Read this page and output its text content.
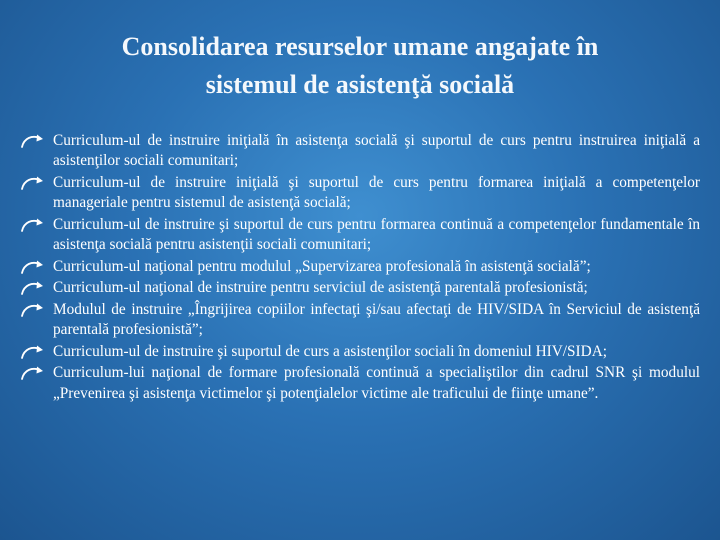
Consolidarea resurselor umane angajate în
sistemul de asistenţă socială
Curriculum-ul de instruire iniţială în asistenţa socială şi suportul de curs pentru instruirea iniţială a asistenţilor sociali comunitari;
Curriculum-ul de instruire iniţială şi suportul de curs pentru formarea iniţială a competenţelor manageriale pentru sistemul de asistenţă socială;
Curriculum-ul de instruire şi suportul de curs pentru formarea continuă a competenţelor fundamentale în asistenţa socială pentru asistenţii sociali comunitari;
Curriculum-ul naţional pentru modulul „Supervizarea profesională în asistenţă socială”;
Curriculum-ul naţional de instruire pentru serviciul de asistenţă parentală profesionistă;
Modulul de instruire „Îngrijirea copiilor infectaţi şi/sau afectaţi de HIV/SIDA în Serviciul de asistenţă parentală profesionistă”;
Curriculum-ul de instruire şi suportul de curs a asistenţilor sociali în domeniul HIV/SIDA;
Curriculum-lui naţional de formare profesională continuă a specialiştilor din cadrul SNR şi modulul „Prevenirea şi asistenţa victimelor şi potenţialelor victime ale traficului de fiinţe umane”.
